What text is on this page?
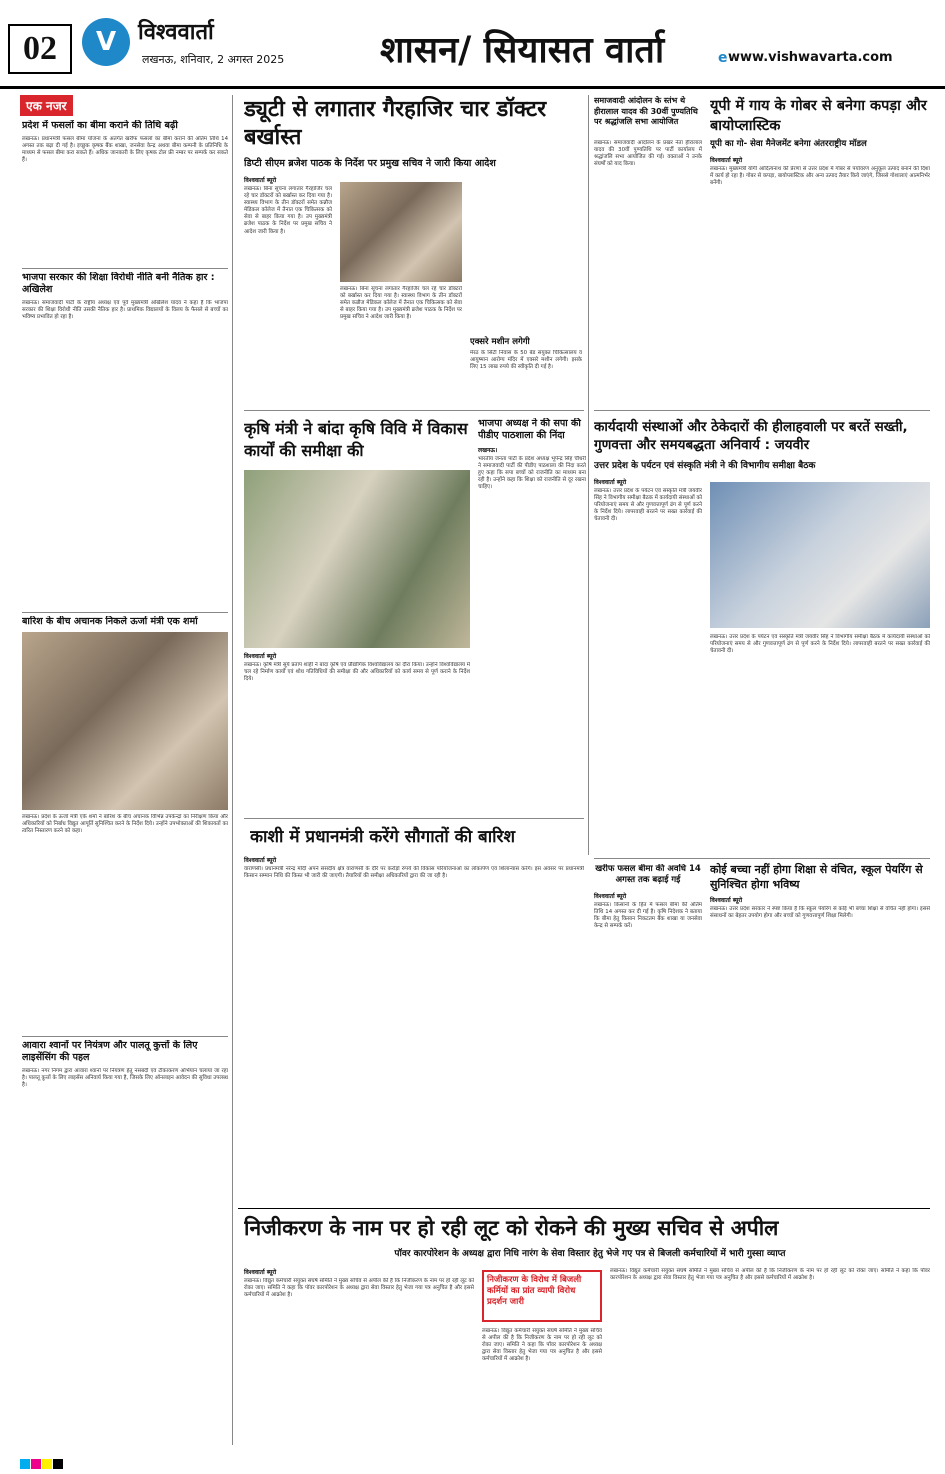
02	V विश्ववार्ता
लखनऊ, शनिवार, 2 अगस्त 2025	शासन/ सियासत वार्ता	e www.vishwavarta.com
एक नजर
प्रदेश में फसलों का बीमा कराने की तिथि बढ़ी
लखनऊ। प्रधानमंत्री फसल बीमा योजना के अंतर्गत खरीफ फसलों का बीमा कराने की अंतिम तिथि 14 अगस्त तक बढ़ा दी गई है। इच्छुक कृषक बैंक शाखा, जनसेवा केन्द्र अथवा बीमा कम्पनी के प्रतिनिधि के माध्यम से फसल बीमा करा सकते हैं। अधिक जानकारी के लिए कृषक टोल फ्री नम्बर पर सम्पर्क कर सकते हैं।
भाजपा सरकार की शिक्षा विरोधी नीति बनी नैतिक हार : अखिलेश
लखनऊ। समाजवादी पार्टी के राष्ट्रीय अध्यक्ष एवं पूर्व मुख्यमंत्री अखिलेश यादव ने कहा है कि भाजपा सरकार की शिक्षा विरोधी नीति उसकी नैतिक हार है। प्राथमिक विद्यालयों के विलय के फैसले से बच्चों का भविष्य प्रभावित हो रहा है।
बारिश के बीच अचानक निकले ऊर्जा मंत्री एक शर्मा
लखनऊ। प्रदेश के ऊर्जा मंत्री एके शर्मा ने बारिश के बीच अचानक विभिन्न उपकेन्द्रों का निरीक्षण किया और अधिकारियों को निर्बाध विद्युत आपूर्ति सुनिश्चित करने के निर्देश दिये। उन्होंने उपभोक्ताओं की शिकायतों का त्वरित निस्तारण करने को कहा।
आवारा श्वानों पर नियंत्रण और पालतू कुत्तों के लिए लाइसेंसिंग की पहल
लखनऊ। नगर निगम द्वारा आवारा श्वानों पर नियंत्रण हेतु नसबंदी एवं टीकाकरण अभियान चलाया जा रहा है। पालतू कुत्तों के लिए लाइसेंस अनिवार्य किया गया है, जिसके लिए ऑनलाइन आवेदन की सुविधा उपलब्ध है।
ड्यूटी से लगातार गैरहाजिर चार डॉक्टर बर्खास्त
डिप्टी सीएम ब्रजेश पाठक के निर्देश पर प्रमुख सचिव ने जारी किया आदेश
विश्ववार्ता ब्यूरो
लखनऊ। बिना सूचना लगातार गैरहाजिर चल रहे चार डॉक्टरों को बर्खास्त कर दिया गया है। स्वास्थ्य विभाग के तीन डॉक्टरों समेत कन्नौज मेडिकल कॉलेज में तैनात एक चिकित्सक को सेवा से बाहर किया गया है। उप मुख्यमंत्री ब्रजेश पाठक के निर्देश पर प्रमुख सचिव ने आदेश जारी किया है।
लखनऊ। बिना सूचना लगातार गैरहाजिर चल रहे चार डॉक्टरों को बर्खास्त कर दिया गया है। स्वास्थ्य विभाग के तीन डॉक्टरों समेत कन्नौज मेडिकल कॉलेज में तैनात एक चिकित्सक को सेवा से बाहर किया गया है। उप मुख्यमंत्री ब्रजेश पाठक के निर्देश पर प्रमुख सचिव ने आदेश जारी किया है।
एक्सरे मशीन लगेगी
मेरठ के सिटी निवास के 50 बेड संयुक्त चिकित्सालय व आयुष्मान आरोग्य मंदिर में एक्सरे मशीन लगेगी। इसके लिए 15 लाख रुपये की स्वीकृति दी गई है।
कृषि मंत्री ने बांदा कृषि विवि में विकास कार्यों की समीक्षा की
विश्ववार्ता ब्यूरो
लखनऊ। कृषि मंत्री सूर्य प्रताप शाही ने बांदा कृषि एवं प्रौद्योगिक विश्वविद्यालय का दौरा किया। उन्होंने विश्वविद्यालय में चल रहे निर्माण कार्यों एवं शोध गतिविधियों की समीक्षा की और अधिकारियों को कार्य समय से पूर्ण कराने के निर्देश दिये।
भाजपा अध्यक्ष ने की सपा की पीडीए पाठशाला की निंदा
लखनऊ।
भारतीय जनता पार्टी के प्रदेश अध्यक्ष भूपेन्द्र सिंह चौधरी ने समाजवादी पार्टी की पीडीए पाठशाला की निंदा करते हुए कहा कि सपा बच्चों को राजनीति का माध्यम बना रही है। उन्होंने कहा कि शिक्षा को राजनीति से दूर रखना चाहिए।
काशी में प्रधानमंत्री करेंगे सौगातों की बारिश
विश्ववार्ता ब्यूरो
वाराणसी। प्रधानमंत्री नरेन्द्र मोदी अपने संसदीय क्षेत्र वाराणसी के दौरे पर करोड़ों रुपये की विकास परियोजनाओं का लोकार्पण एवं शिलान्यास करेंगे। इस अवसर पर प्रधानमंत्री किसान सम्मान निधि की किस्त भी जारी की जाएगी। तैयारियों की समीक्षा अधिकारियों द्वारा की जा रही है।
खरीफ फसल बीमा की अवधि 14 अगस्त तक बढ़ाई गई
विश्ववार्ता ब्यूरो
लखनऊ। किसानों के हित में फसल बीमा की अंतिम तिथि 14 अगस्त कर दी गई है। कृषि निदेशक ने बताया कि बीमा हेतु किसान निकटतम बैंक शाखा या जनसेवा केन्द्र से सम्पर्क करें।
समाजवादी आंदोलन के स्तंभ थे हीरालाल यादव की 30वीं पुण्यतिथि पर श्रद्धांजलि सभा आयोजित
लखनऊ। समाजवादी आंदोलन के प्रखर नेता हीरालाल यादव की 30वीं पुण्यतिथि पर पार्टी कार्यालय में श्रद्धांजलि सभा आयोजित की गई। वक्ताओं ने उनके संघर्षों को याद किया।
यूपी में गाय के गोबर से बनेगा कपड़ा और बायोप्लास्टिक
यूपी का गो- सेवा मैनेजमेंट बनेगा अंतरराष्ट्रीय मॉडल
विश्ववार्ता ब्यूरो
लखनऊ। मुख्यमंत्री योगी आदित्यनाथ की प्रेरणा से उत्तर प्रदेश में गोबर से पर्यावरण अनुकूल उत्पाद बनाने की दिशा में कार्य हो रहा है। गोबर से कपड़ा, बायोप्लास्टिक और अन्य उत्पाद तैयार किये जाएंगे, जिससे गोशालाएं आत्मनिर्भर बनेंगी।
कार्यदायी संस्थाओं और ठेकेदारों की हीलाहवाली पर बरतें सख्ती, गुणवत्ता और समयबद्धता अनिवार्य : जयवीर
उत्तर प्रदेश के पर्यटन एवं संस्कृति मंत्री ने की विभागीय समीक्षा बैठक
विश्ववार्ता ब्यूरो
लखनऊ। उत्तर प्रदेश के पर्यटन एवं संस्कृति मंत्री जयवीर सिंह ने विभागीय समीक्षा बैठक में कार्यदायी संस्थाओं को परियोजनाएं समय से और गुणवत्तापूर्ण ढंग से पूर्ण करने के निर्देश दिये। लापरवाही बरतने पर सख्त कार्रवाई की चेतावनी दी।
लखनऊ। उत्तर प्रदेश के पर्यटन एवं संस्कृति मंत्री जयवीर सिंह ने विभागीय समीक्षा बैठक में कार्यदायी संस्थाओं को परियोजनाएं समय से और गुणवत्तापूर्ण ढंग से पूर्ण करने के निर्देश दिये। लापरवाही बरतने पर सख्त कार्रवाई की चेतावनी दी।
कोई बच्चा नहीं होगा शिक्षा से वंचित, स्कूल पेयरिंग से सुनिश्चित होगा भविष्य
विश्ववार्ता ब्यूरो
लखनऊ। उत्तर प्रदेश सरकार ने स्पष्ट किया है कि स्कूल पेयरिंग से कोई भी बच्चा शिक्षा से वंचित नहीं होगा। इससे संसाधनों का बेहतर उपयोग होगा और बच्चों को गुणवत्तापूर्ण शिक्षा मिलेगी।
निजीकरण के नाम पर हो रही लूट को रोकने की मुख्य सचिव से अपील
पॉवर कारपोरेशन के अध्यक्ष द्वारा निधि नारंग के सेवा विस्तार हेतु भेजे गए पत्र से बिजली कर्मचारियों में भारी गुस्सा व्याप्त
विश्ववार्ता ब्यूरो
लखनऊ। विद्युत कर्मचारी संयुक्त संघर्ष समिति ने मुख्य सचिव से अपील की है कि निजीकरण के नाम पर हो रही लूट को रोका जाए। समिति ने कहा कि पॉवर कारपोरेशन के अध्यक्ष द्वारा सेवा विस्तार हेतु भेजा गया पत्र अनुचित है और इससे कर्मचारियों में आक्रोश है।
निजीकरण के विरोध में बिजली कर्मियों का प्रांत व्यापी विरोध प्रदर्शन जारी
लखनऊ। विद्युत कर्मचारी संयुक्त संघर्ष समिति ने मुख्य सचिव से अपील की है कि निजीकरण के नाम पर हो रही लूट को रोका जाए। समिति ने कहा कि पॉवर कारपोरेशन के अध्यक्ष द्वारा सेवा विस्तार हेतु भेजा गया पत्र अनुचित है और इससे कर्मचारियों में आक्रोश है।
लखनऊ। विद्युत कर्मचारी संयुक्त संघर्ष समिति ने मुख्य सचिव से अपील की है कि निजीकरण के नाम पर हो रही लूट को रोका जाए। समिति ने कहा कि पॉवर कारपोरेशन के अध्यक्ष द्वारा सेवा विस्तार हेतु भेजा गया पत्र अनुचित है और इससे कर्मचारियों में आक्रोश है।
